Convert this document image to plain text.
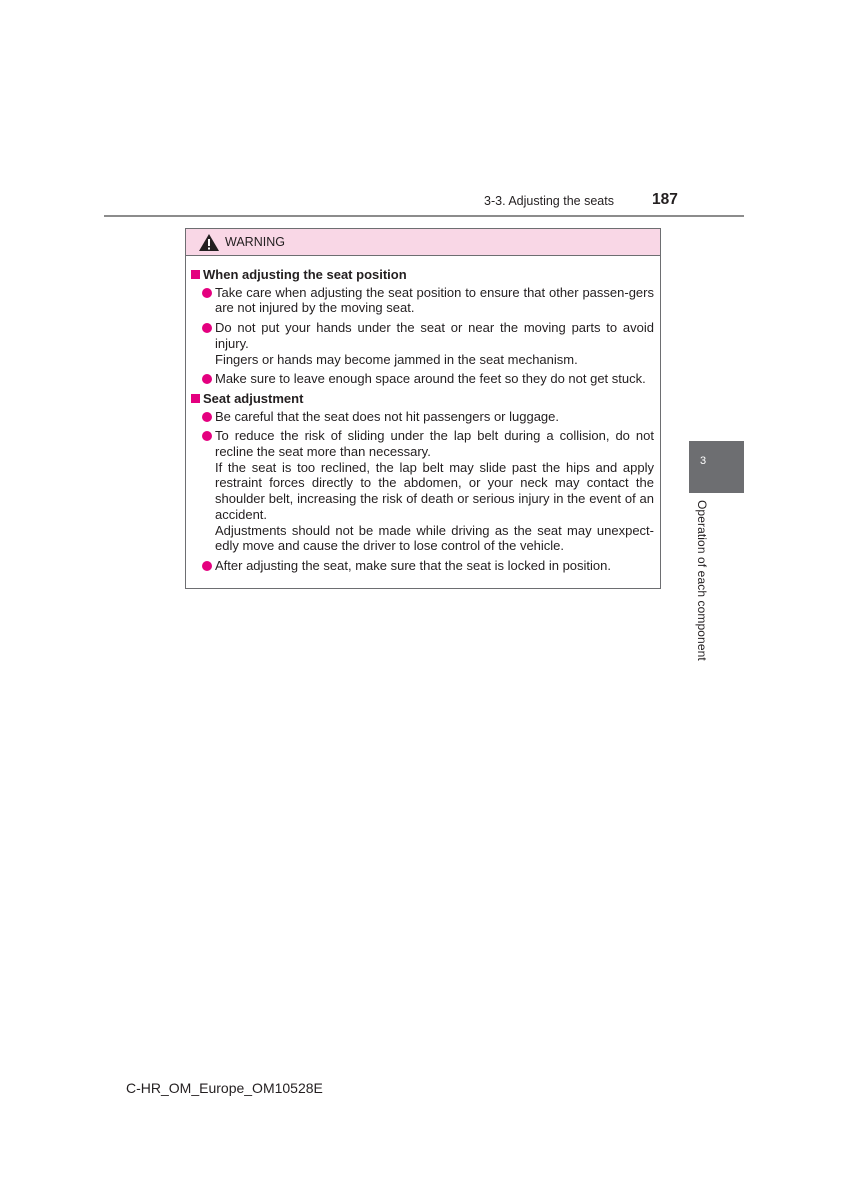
3-3. Adjusting the seats 187
3
Operation of each component
WARNING
When adjusting the seat position

Take care when adjusting the seat position to ensure that other passen-gers are not injured by the moving seat.

Do not put your hands under the seat or near the moving parts to avoid injury.

Fingers or hands may become jammed in the seat mechanism.

Make sure to leave enough space around the feet so they do not get stuck.

Seat adjustment

Be careful that the seat does not hit passengers or luggage.

To reduce the risk of sliding under the lap belt during a collision, do not recline the seat more than necessary.

If the seat is too reclined, the lap belt may slide past the hips and apply restraint forces directly to the abdomen, or your neck may contact the shoulder belt, increasing the risk of death or serious injury in the event of an accident.

Adjustments should not be made while driving as the seat may unexpect-edly move and cause the driver to lose control of the vehicle.

After adjusting the seat, make sure that the seat is locked in position.

C-HR_OM_Europe_OM10528E
